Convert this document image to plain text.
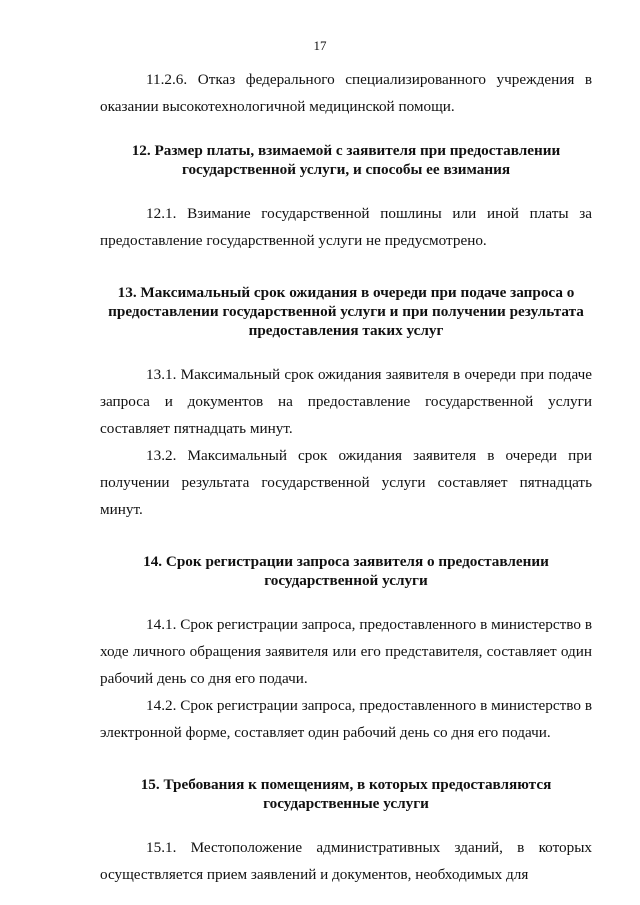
17

11.2.6. Отказ федерального специализированного учреждения в оказании высокотехнологичной медицинской помощи.

12. Размер платы, взимаемой с заявителя при предоставлении государственной услуги, и способы ее взимания

12.1. Взимание государственной пошлины или иной платы за предоставление государственной услуги не предусмотрено.

13. Максимальный срок ожидания в очереди при подаче запроса о предоставлении государственной услуги и при получении результата предоставления таких услуг

13.1. Максимальный срок ожидания заявителя в очереди при подаче запроса и документов на предоставление государственной услуги составляет пятнадцать минут.

13.2. Максимальный срок ожидания заявителя в очереди при получении результата государственной услуги составляет пятнадцать минут.

14. Срок регистрации запроса заявителя о предоставлении государственной услуги

14.1. Срок регистрации запроса, предоставленного в министерство в ходе личного обращения заявителя или его представителя, составляет один рабочий день со дня его подачи.

14.2. Срок регистрации запроса, предоставленного в министерство в электронной форме, составляет один рабочий день со дня его подачи.

15. Требования к помещениям, в которых предоставляются государственные услуги

15.1. Местоположение административных зданий, в которых осуществляется прием заявлений и документов, необходимых для
